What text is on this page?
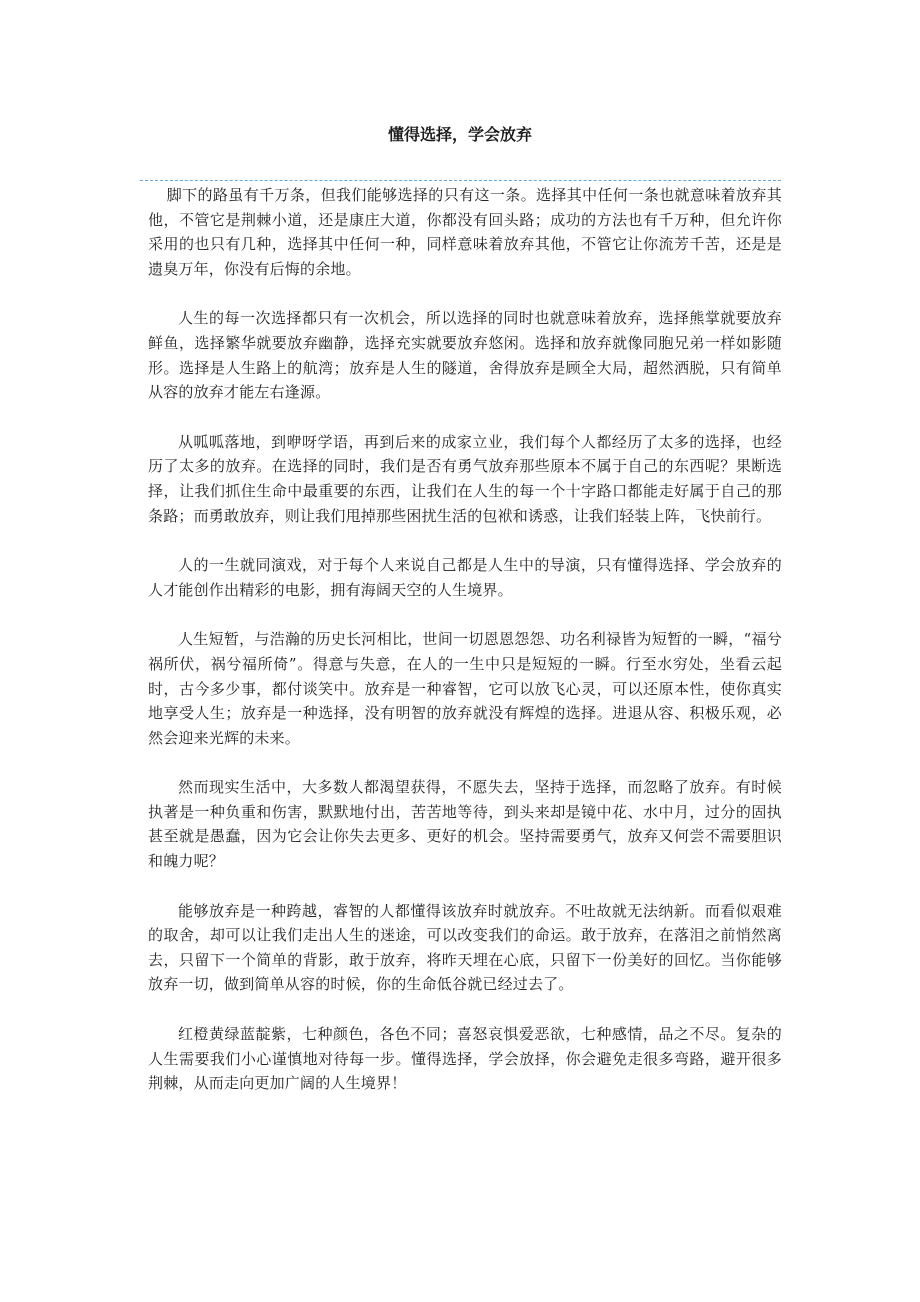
懂得选择，学会放弃

脚下的路虽有千万条，但我们能够选择的只有这一条。选择其中任何一条也就意味着放弃其他，不管它是荆棘小道，还是康庄大道，你都没有回头路；成功的方法也有千万种，但允许你采用的也只有几种，选择其中任何一种，同样意味着放弃其他，不管它让你流芳千苦，还是是遗臭万年，你没有后悔的余地。

人生的每一次选择都只有一次机会，所以选择的同时也就意味着放弃，选择熊掌就要放弃鲜鱼，选择繁华就要放弃幽静，选择充实就要放弃悠闲。选择和放弃就像同胞兄弟一样如影随形。选择是人生路上的航湾；放弃是人生的隧道，舍得放弃是顾全大局，超然洒脱，只有简单从容的放弃才能左右逢源。

从呱呱落地，到咿呀学语，再到后来的成家立业，我们每个人都经历了太多的选择，也经历了太多的放弃。在选择的同时，我们是否有勇气放弃那些原本不属于自己的东西呢？果断选择，让我们抓住生命中最重要的东西，让我们在人生的每一个十字路口都能走好属于自己的那条路；而勇敢放弃，则让我们甩掉那些困扰生活的包袱和诱惑，让我们轻装上阵，飞快前行。

人的一生就同演戏，对于每个人来说自己都是人生中的导演，只有懂得选择、学会放弃的人才能创作出精彩的电影，拥有海阔天空的人生境界。

人生短暂，与浩瀚的历史长河相比，世间一切恩恩怨怨、功名利禄皆为短暂的一瞬，“福兮祸所伏，祸兮福所倚”。得意与失意，在人的一生中只是短短的一瞬。行至水穷处，坐看云起时，古今多少事，都付谈笑中。放弃是一种睿智，它可以放飞心灵，可以还原本性，使你真实地享受人生；放弃是一种选择，没有明智的放弃就没有辉煌的选择。进退从容、积极乐观，必然会迎来光辉的未来。

然而现实生活中，大多数人都渴望获得，不愿失去，坚持于选择，而忽略了放弃。有时候执著是一种负重和伤害，默默地付出，苦苦地等待，到头来却是镜中花、水中月，过分的固执甚至就是愚蠢，因为它会让你失去更多、更好的机会。坚持需要勇气，放弃又何尝不需要胆识和魄力呢？

能够放弃是一种跨越，睿智的人都懂得该放弃时就放弃。不吐故就无法纳新。而看似艰难的取舍，却可以让我们走出人生的迷途，可以改变我们的命运。敢于放弃，在落泪之前悄然离去，只留下一个简单的背影，敢于放弃，将昨天埋在心底，只留下一份美好的回忆。当你能够放弃一切，做到简单从容的时候，你的生命低谷就已经过去了。

红橙黄绿蓝靛紫，七种颜色，各色不同；喜怒哀惧爱恶欲，七种感情，品之不尽。复杂的人生需要我们小心谨慎地对待每一步。懂得选择，学会放择，你会避免走很多弯路，避开很多荆棘，从而走向更加广阔的人生境界！
